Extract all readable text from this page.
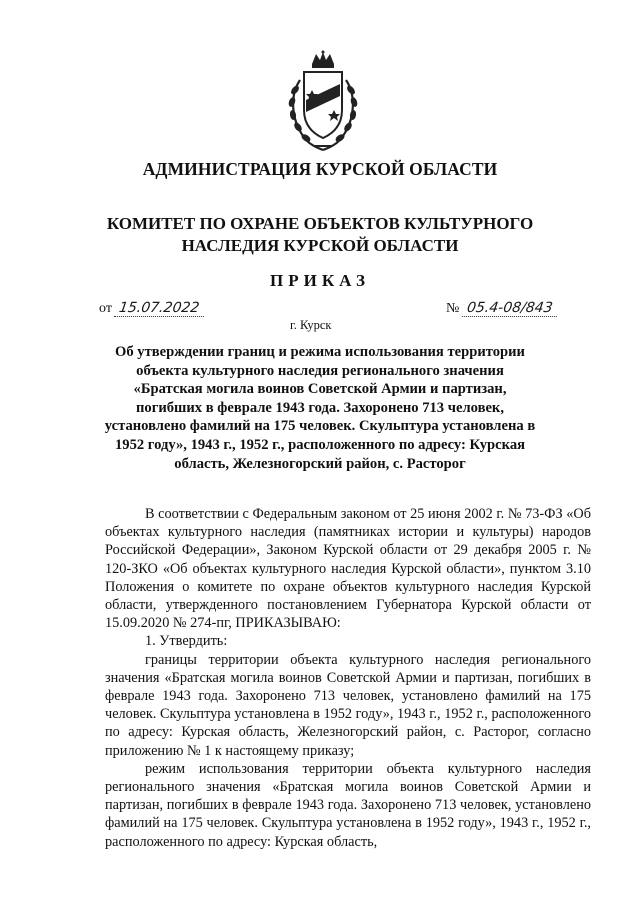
АДМИНИСТРАЦИЯ КУРСКОЙ ОБЛАСТИ
КОМИТЕТ ПО ОХРАНЕ ОБЪЕКТОВ КУЛЬТУРНОГО НАСЛЕДИЯ КУРСКОЙ ОБЛАСТИ
ПРИКАЗ
от 15.07.2022	№ 05.4-08/843
г. Курск
Об утверждении границ и режима использования территории объекта культурного наследия регионального значения «Братская могила воинов Советской Армии и партизан, погибших в феврале 1943 года. Захоронено 713 человек, установлено фамилий на 175 человек. Скульптура установлена в 1952 году», 1943 г., 1952 г., расположенного по адресу: Курская область, Железногорский район, с. Расторог

В соответствии с Федеральным законом от 25 июня 2002 г. № 73-ФЗ «Об объектах культурного наследия (памятниках истории и культуры) народов Российской Федерации», Законом Курской области от 29 декабря 2005 г. № 120-ЗКО «Об объектах культурного наследия Курской области», пунктом 3.10 Положения о комитете по охране объектов культурного наследия Курской области, утвержденного постановлением Губернатора Курской области от 15.09.2020 № 274-пг, ПРИКАЗЫВАЮ:

1. Утвердить:

границы территории объекта культурного наследия регионального значения «Братская могила воинов Советской Армии и партизан, погибших в феврале 1943 года. Захоронено 713 человек, установлено фамилий на 175 человек. Скульптура установлена в 1952 году», 1943 г., 1952 г., расположенного по адресу: Курская область, Железногорский район, с. Расторог, согласно приложению № 1 к настоящему приказу;

режим использования территории объекта культурного наследия регионального значения «Братская могила воинов Советской Армии и партизан, погибших в феврале 1943 года. Захоронено 713 человек, установлено фамилий на 175 человек. Скульптура установлена в 1952 году», 1943 г., 1952 г., расположенного по адресу: Курская область,
